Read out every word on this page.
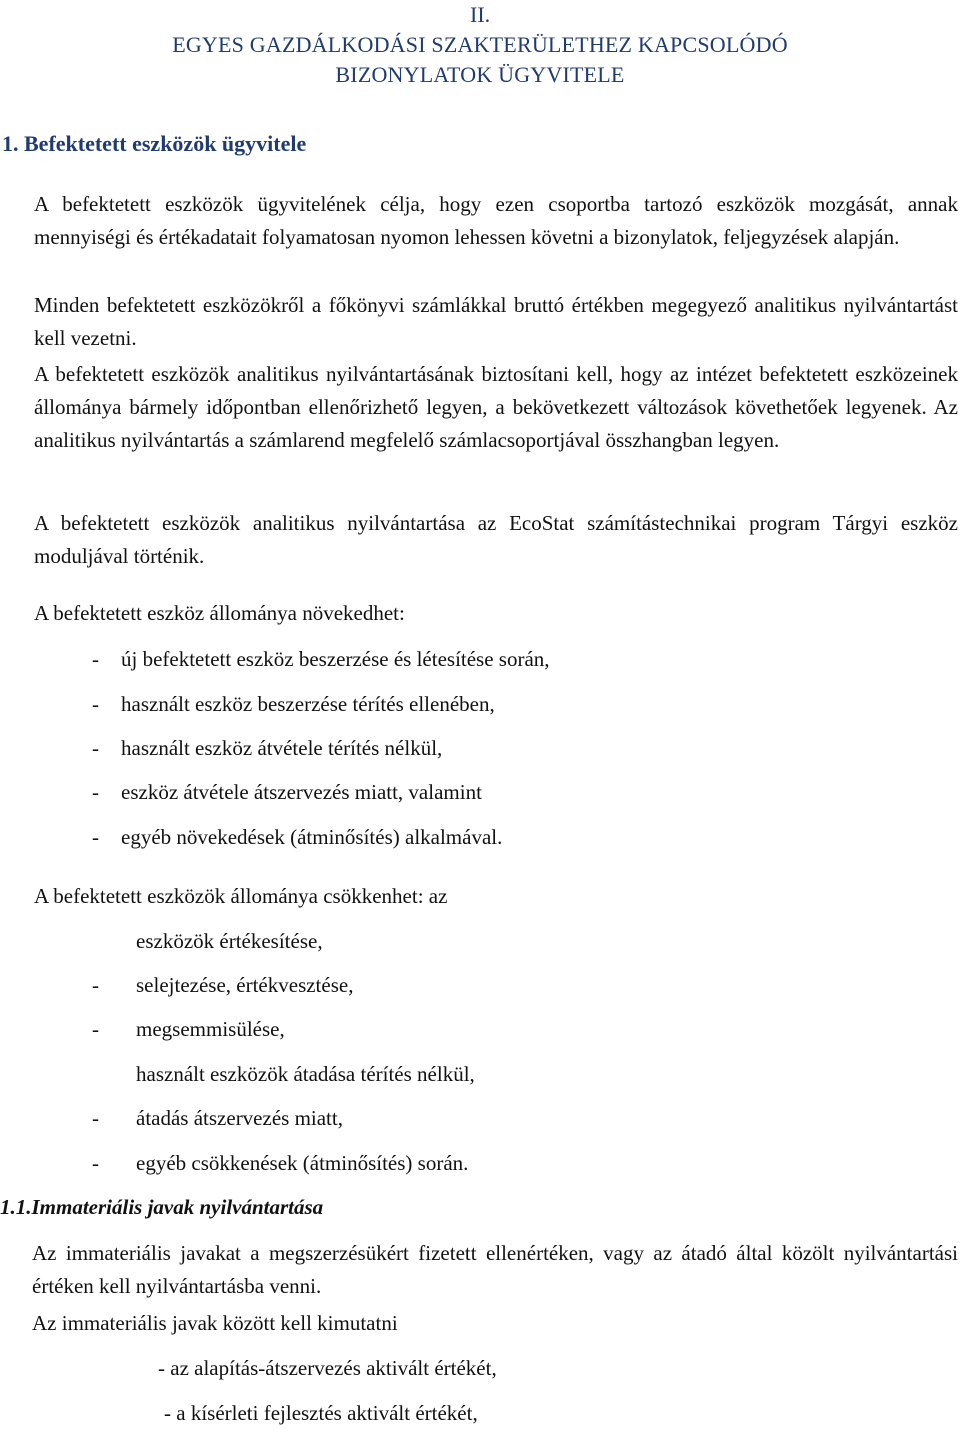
II.
EGYES GAZDÁLKODÁSI SZAKTERÜLETHEZ KAPCSOLÓDÓ
BIZONYLATOK ÜGYVITELE
1. Befektetett eszközök ügyvitele
A befektetett eszközök ügyvitelének célja, hogy ezen csoportba tartozó eszközök mozgását, annak mennyiségi és értékadatait folyamatosan nyomon lehessen követni a bizonylatok, feljegyzések alapján.
Minden befektetett eszközökről a főkönyvi számlákkal bruttó értékben megegyező analitikus nyilvántartást kell vezetni.
A befektetett eszközök analitikus nyilvántartásának biztosítani kell, hogy az intézet befektetett eszközeinek állománya bármely időpontban ellenőrizhető legyen, a bekövetkezett változások követhetőek legyenek. Az analitikus nyilvántartás a számlarend megfelelő számlacsoportjával összhangban legyen.
A befektetett eszközök analitikus nyilvántartása az EcoStat számítástechnikai program Tárgyi eszköz moduljával történik.
A befektetett eszköz állománya növekedhet:
- új befektetett eszköz beszerzése és létesítése során,
- használt eszköz beszerzése térítés ellenében,
- használt eszköz átvétele térítés nélkül,
- eszköz átvétele átszervezés miatt, valamint
- egyéb növekedések (átminősítés) alkalmával.
A befektetett eszközök állománya csökkenhet: az
eszközök értékesítése,
- selejtezése, értékvesztése,
- megsemmisülése,
használt eszközök átadása térítés nélkül,
- átadás átszervezés miatt,
- egyéb csökkenések (átminősítés) során.
1.1.Immateriális javak nyilvántartása
Az immateriális javakat a megszerzésükért fizetett ellenértéken, vagy az átadó által közölt nyilvántartási értéken kell nyilvántartásba venni.
Az immateriális javak között kell kimutatni
- az alapítás-átszervezés aktivált értékét,
- a kísérleti fejlesztés aktivált értékét,
